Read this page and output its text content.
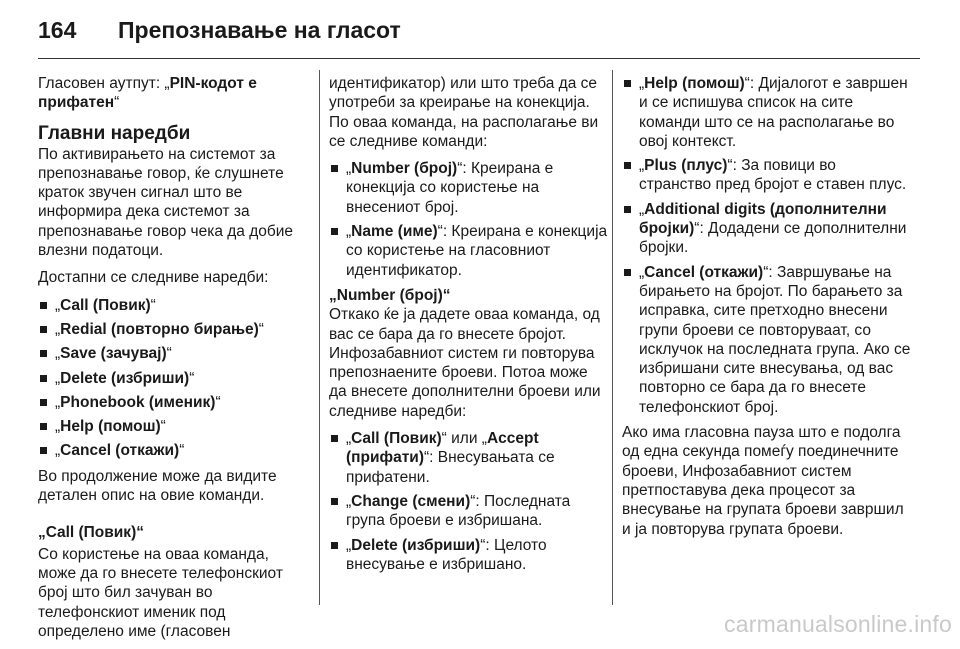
164	Препознавање на гласот

Гласовен аутпут: „PIN-кодот е прифатен“

Главни наредби

По активирањето на системот за препознавање говор, ќе слушнете краток звучен сигнал што ве информира дека системот за препознавање говор чека да добие влезни податоци.

Достапни се следниве наредби:

„Call (Повик)“
„Redial (повторно бирање)“
„Save (зачувај)“
„Delete (избриши)“
„Phonebook (именик)“
„Help (помош)“
„Cancel (откажи)“

Во продолжение може да видите детален опис на овие команди.

„Call (Повик)“

Со користење на оваа команда, може да го внесете телефонскиот број што бил зачуван во телефонскиот именик под определено име (гласовен

идентификатор) или што треба да се употреби за креирање на конекција. По оваа команда, на располагање ви се следниве команди:

„Number (број)“: Креирана е конекција со користење на внесениот број.
„Name (име)“: Креирана е конекција со користење на гласовниот идентификатор.

„Number (број)“

Откако ќе ја дадете оваа команда, од вас се бара да го внесете бројот. Инфозабавниот систем ги повторува препознаените броеви. Потоа може да внесете дополнителни броеви или следниве наредби:

„Call (Повик)“ или „Accept (прифати)“: Внесувањата се прифатени.
„Change (смени)“: Последната група броеви е избришана.
„Delete (избриши)“: Целото внесување е избришано.
„Help (помош)“: Дијалогот е завршен и се испишува список на сите команди што се на располагање во овој контекст.
„Plus (плус)“: За повици во странство пред бројот е ставен плус.
„Additional digits (дополнителни бројки)“: Додадени се дополнителни бројки.
„Cancel (откажи)“: Завршување на бирањето на бројот. По барањето за исправка, сите претходно внесени групи броеви се повторуваат, со исклучок на последната група. Ако се избришани сите внесувања, од вас повторно се бара да го внесете телефонскиот број.

Ако има гласовна пауза што е подолга од една секунда помеѓу поединечните броеви, Инфозабавниот систем претпоставува дека процесот за внесување на групата броеви завршил и ја повторува групата броеви.

carmanualsonline.info
